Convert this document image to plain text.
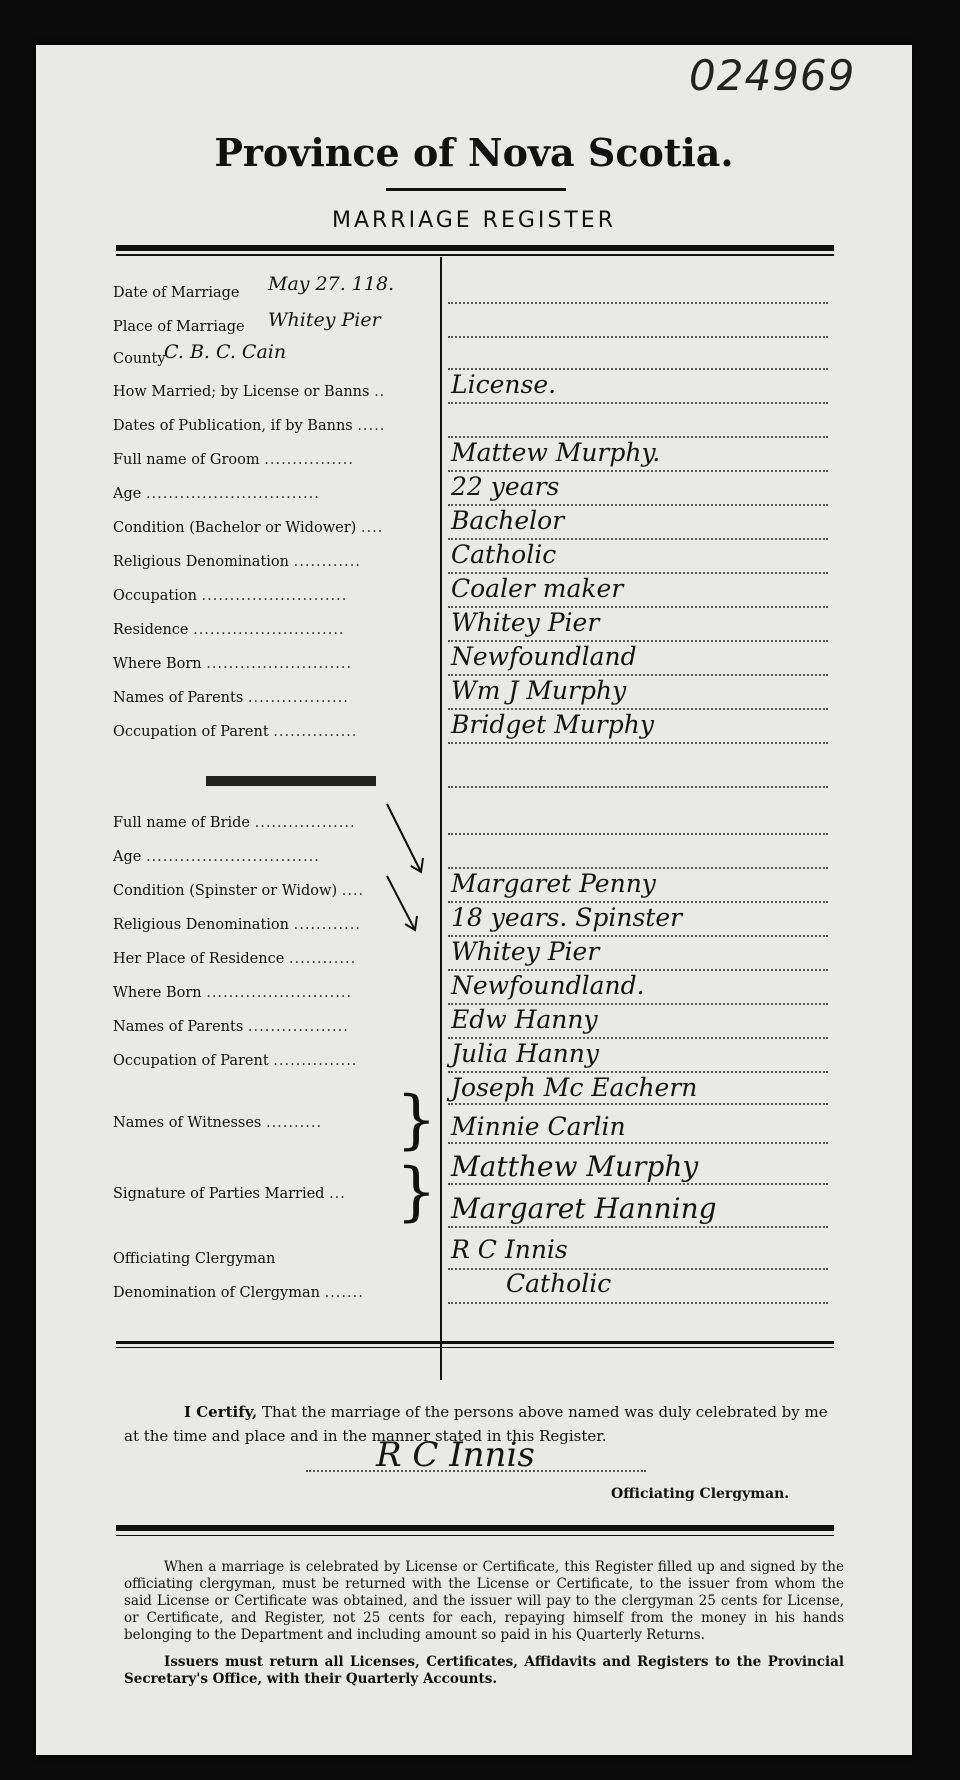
024969
Province of Nova Scotia.
MARRIAGE REGISTER
Date of Marriage	May 27. 118.
Place of Marriage	Whitey Pier
County
C. B. C. Cain
How Married; by License or Banns ..	License.
Dates of Publication, if by Banns .....
Full name of Groom ................	Mattew Murphy.
Age ...............................	22 years
Condition (Bachelor or Widower) ....	Bachelor
Religious Denomination ............	Catholic
Occupation ..........................	Coaler maker
Residence ...........................	Whitey Pier
Where Born ..........................	Newfoundland
Names of Parents ..................	Wm J Murphy
Occupation of Parent ...............	Bridget Murphy
Full name of Bride ..................
Age ...............................
Condition (Spinster or Widow) ....	Margaret Penny
Religious Denomination ............	18 years. Spinster
Her Place of Residence ............	Whitey Pier
Where Born ..........................	Newfoundland.
Names of Parents ..................	Edw Hanny
Occupation of Parent ...............	Julia Hanny
Names of Witnesses ..........	} Joseph Mc Eachern
Minnie Carlin
Signature of Parties Married ... } Matthew Murphy
Margaret Hanning
Officiating Clergyman	R C Innis
Denomination of Clergyman .......	Catholic
I Certify, That the marriage of the persons above named was duly celebrated by me at the time and place and in the manner stated in this Register.
R C Innis
Officiating Clergyman.

When a marriage is celebrated by License or Certificate, this Register filled up and signed by the officiating clergyman, must be returned with the License or Certificate, to the issuer from whom the said License or Certificate was obtained, and the issuer will pay to the clergyman 25 cents for License, or Certificate, and Register, not 25 cents for each, repaying himself from the money in his hands belonging to the Department and including amount so paid in his Quarterly Returns.

Issuers must return all Licenses, Certificates, Affidavits and Registers to the Provincial Secretary's Office, with their Quarterly Accounts.
